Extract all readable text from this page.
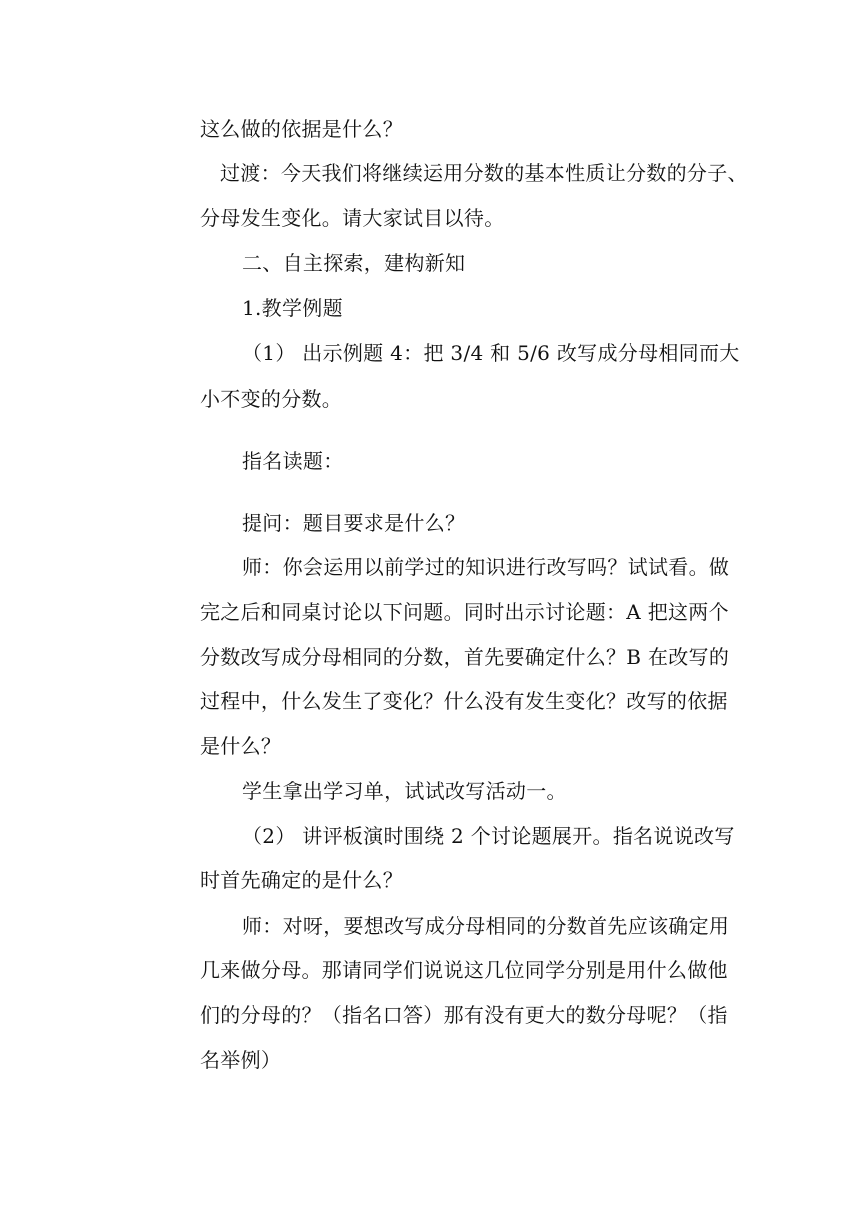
这么做的依据是什么？
过渡：今天我们将继续运用分数的基本性质让分数的分子、
分母发生变化。请大家试目以待。
二、自主探索，建构新知
1.教学例题
（1） 出示例题 4：把 3/4 和 5/6 改写成分母相同而大
小不变的分数。
指名读题：
提问：题目要求是什么？
师：你会运用以前学过的知识进行改写吗？试试看。做
完之后和同桌讨论以下问题。同时出示讨论题：A 把这两个
分数改写成分母相同的分数，首先要确定什么？B 在改写的
过程中，什么发生了变化？什么没有发生变化？改写的依据
是什么？
学生拿出学习单，试试改写活动一。
（2） 讲评板演时围绕 2 个讨论题展开。指名说说改写
时首先确定的是什么？
师：对呀，要想改写成分母相同的分数首先应该确定用
几来做分母。那请同学们说说这几位同学分别是用什么做他
们的分母的？（指名口答）那有没有更大的数分母呢？（指
名举例）
